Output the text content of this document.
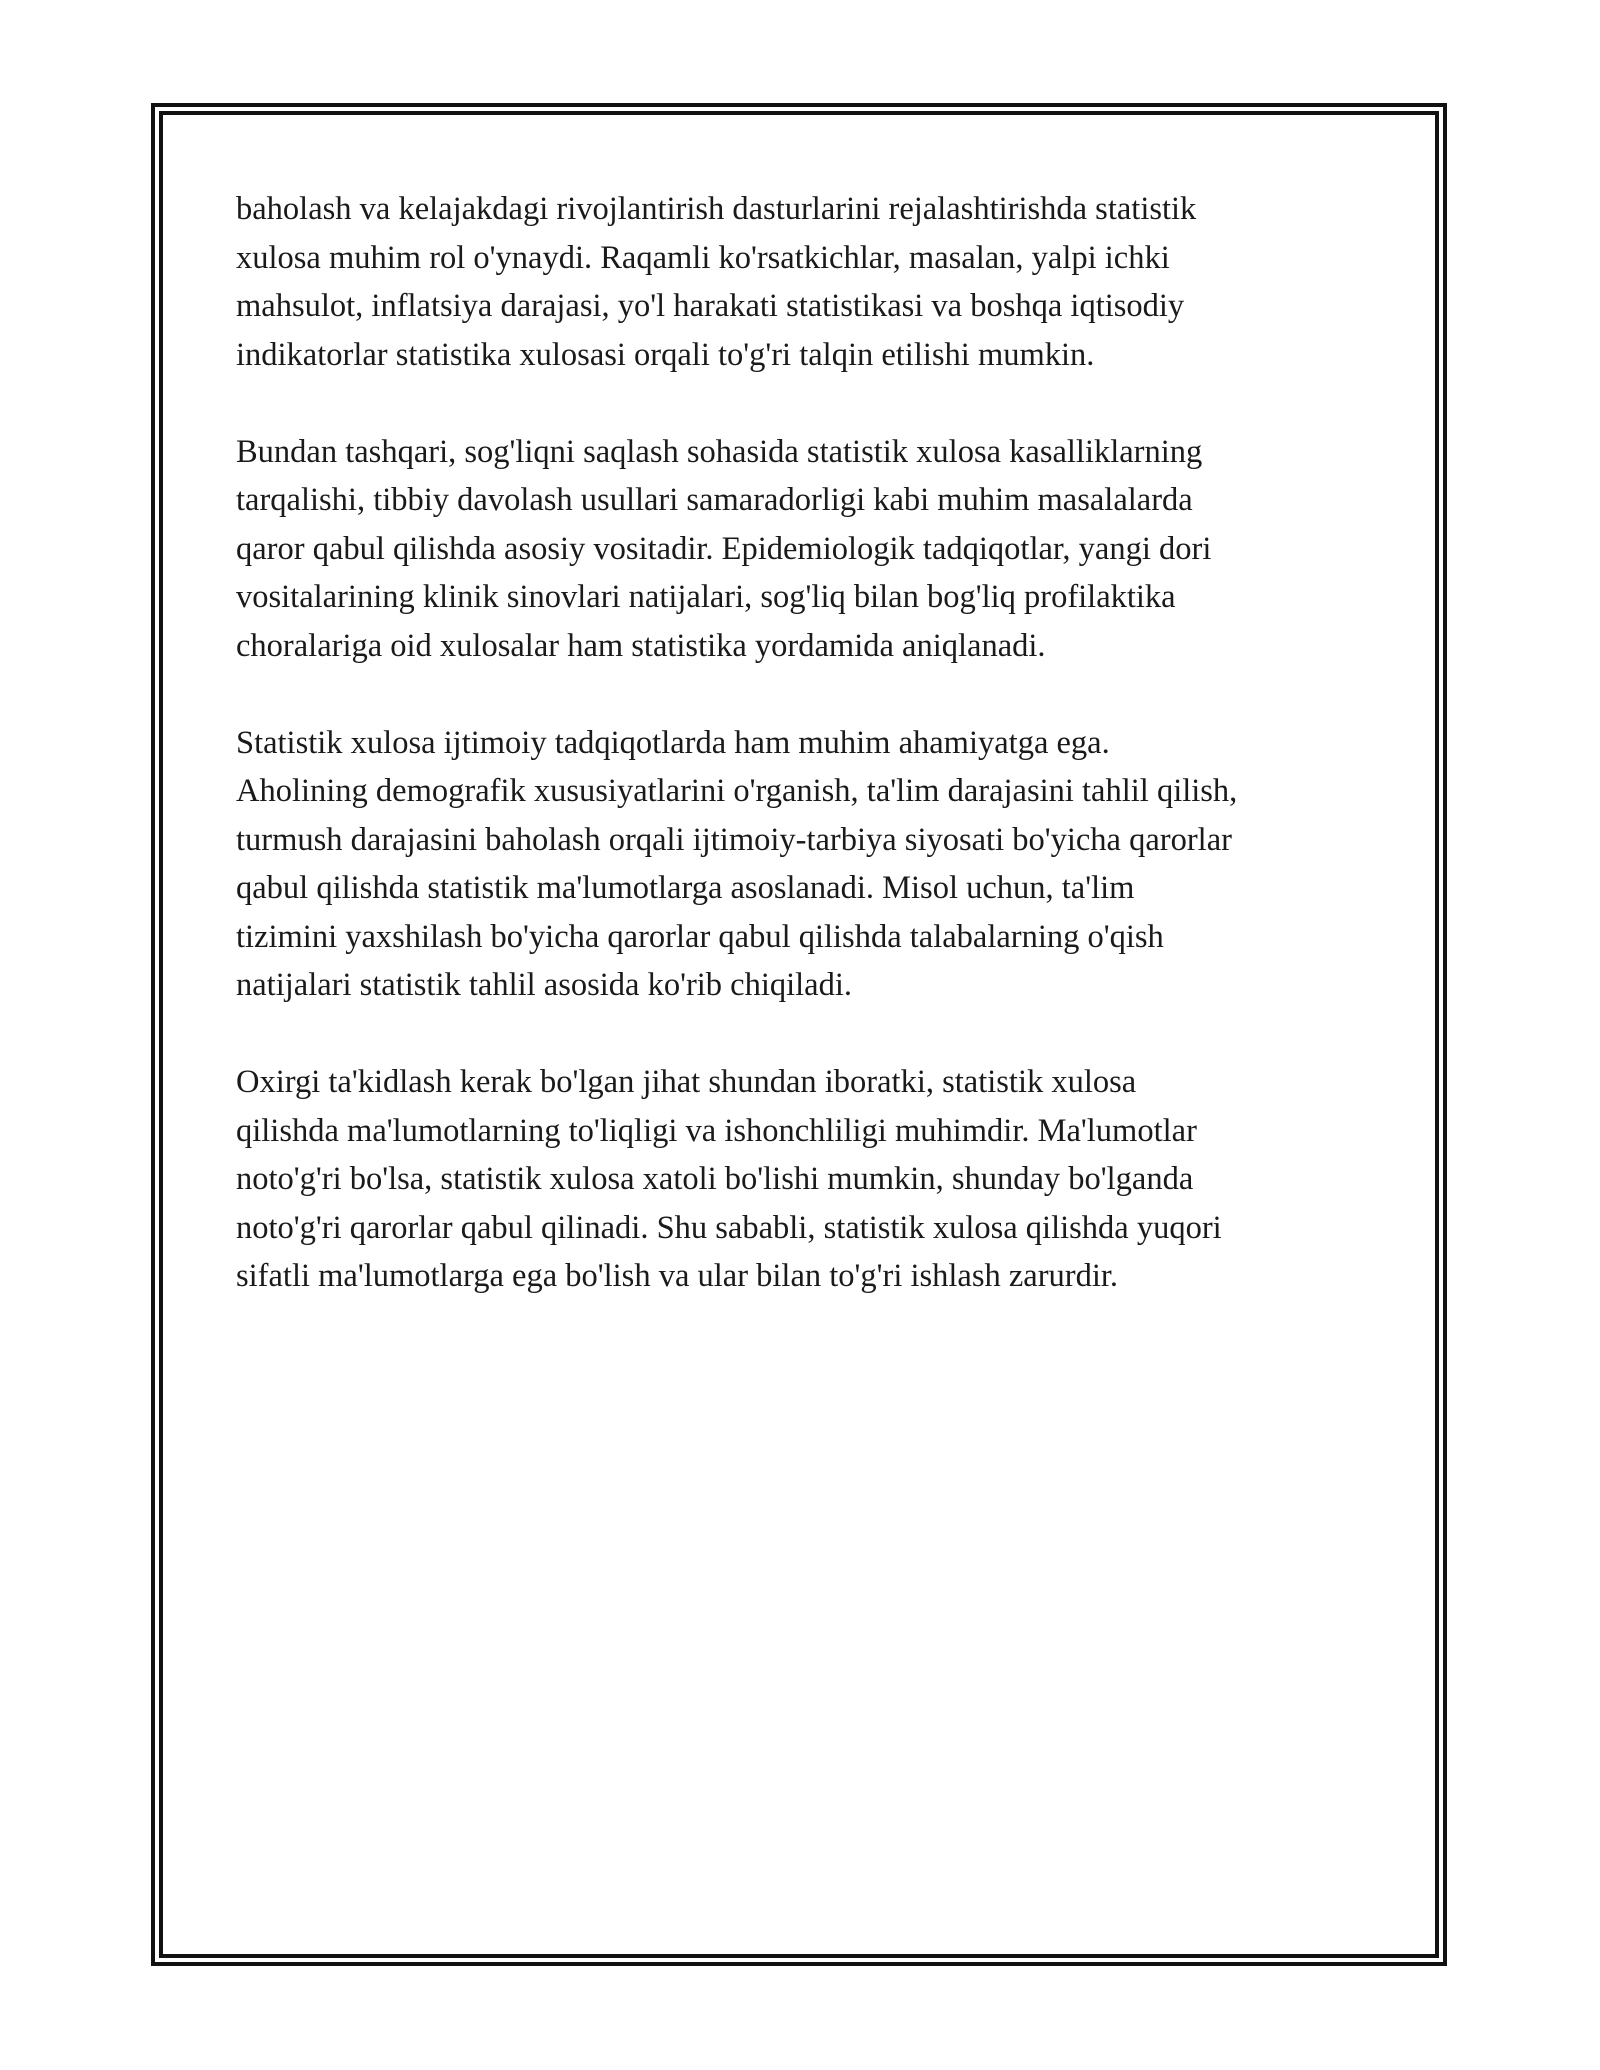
baholash va kelajakdagi rivojlantirish dasturlarini rejalashtirishda statistik
xulosa muhim rol o'ynaydi. Raqamli ko'rsatkichlar, masalan, yalpi ichki
mahsulot, inflatsiya darajasi, yo'l harakati statistikasi va boshqa iqtisodiy
indikatorlar statistika xulosasi orqali to'g'ri talqin etilishi mumkin.

Bundan tashqari, sog'liqni saqlash sohasida statistik xulosa kasalliklarning
tarqalishi, tibbiy davolash usullari samaradorligi kabi muhim masalalarda
qaror qabul qilishda asosiy vositadir. Epidemiologik tadqiqotlar, yangi dori
vositalarining klinik sinovlari natijalari, sog'liq bilan bog'liq profilaktika
choralariga oid xulosalar ham statistika yordamida aniqlanadi.

Statistik xulosa ijtimoiy tadqiqotlarda ham muhim ahamiyatga ega.
Aholining demografik xususiyatlarini o'rganish, ta'lim darajasini tahlil qilish,
turmush darajasini baholash orqali ijtimoiy-tarbiya siyosati bo'yicha qarorlar
qabul qilishda statistik ma'lumotlarga asoslanadi. Misol uchun, ta'lim
tizimini yaxshilash bo'yicha qarorlar qabul qilishda talabalarning o'qish
natijalari statistik tahlil asosida ko'rib chiqiladi.

Oxirgi ta'kidlash kerak bo'lgan jihat shundan iboratki, statistik xulosa
qilishda ma'lumotlarning to'liqligi va ishonchliligi muhimdir. Ma'lumotlar
noto'g'ri bo'lsa, statistik xulosa xatoli bo'lishi mumkin, shunday bo'lganda
noto'g'ri qarorlar qabul qilinadi. Shu sababli, statistik xulosa qilishda yuqori
sifatli ma'lumotlarga ega bo'lish va ular bilan to'g'ri ishlash zarurdir.
